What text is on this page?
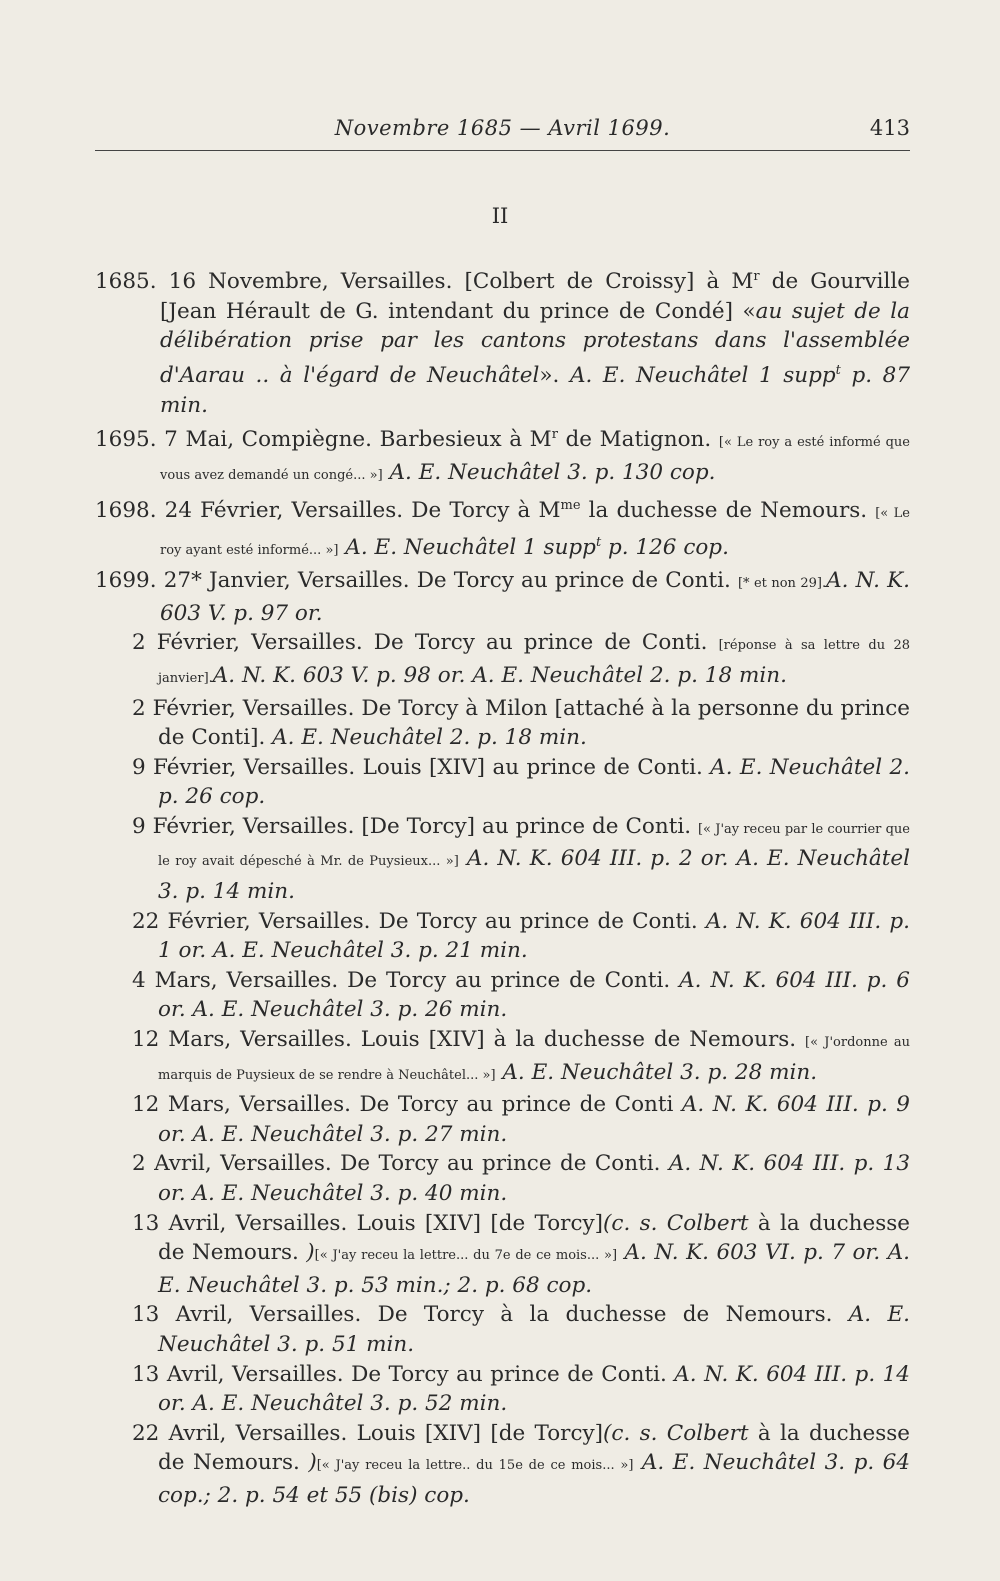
Novembre 1685 — Avril 1699.	413
II
1685. 16 Novembre, Versailles. [Colbert de Croissy] à $M^r$ de Gourville [Jean Hérault de G. intendant du prince de Condé] «au sujet de la délibération prise par les cantons protestans dans l'assemblée d'Aarau .. à l'égard de Neuchâtel». A. E. Neuchâtel 1 supp$^t$ p. 87 min.
1695. 7 Mai, Compiègne. Barbesieux à $M^r$ de Matignon. [« Le roy a esté informé que vous avez demandé un congé... »] A. E. Neuchâtel 3. p. 130 cop.
1698. 24 Février, Versailles. De Torcy à $M^{me}$ la duchesse de Nemours. [« Le roy ayant esté informé... »] A. E. Neuchâtel 1 supp$^t$ p. 126 cop.
1699. 27* Janvier, Versailles. De Torcy au prince de Conti. [* et non 29].A. N. K. 603 V. p. 97 or.
2 Février, Versailles. De Torcy au prince de Conti. [réponse à sa lettre du 28 janvier].A. N. K. 603 V. p. 98 or. A. E. Neuchâtel 2. p. 18 min.
2 Février, Versailles. De Torcy à Milon [attaché à la personne du prince de Conti]. A. E. Neuchâtel 2. p. 18 min.
9 Février, Versailles. Louis [XIV] au prince de Conti. A. E. Neuchâtel 2. p. 26 cop.
9 Février, Versailles. [De Torcy] au prince de Conti. [« J'ay receu par le courrier que le roy avait dépesché à Mr. de Puysieux... »] A. N. K. 604 III. p. 2 or. A. E. Neuchâtel 3. p. 14 min.
22 Février, Versailles. De Torcy au prince de Conti. A. N. K. 604 III. p. 1 or. A. E. Neuchâtel 3. p. 21 min.
4 Mars, Versailles. De Torcy au prince de Conti. A. N. K. 604 III. p. 6 or. A. E. Neuchâtel 3. p. 26 min.
12 Mars, Versailles. Louis [XIV] à la duchesse de Nemours. [« J'ordonne au marquis de Puysieux de se rendre à Neuchâtel... »] A. E. Neuchâtel 3. p. 28 min.
12 Mars, Versailles. De Torcy au prince de Conti A. N. K. 604 III. p. 9 or. A. E. Neuchâtel 3. p. 27 min.
2 Avril, Versailles. De Torcy au prince de Conti. A. N. K. 604 III. p. 13 or. A. E. Neuchâtel 3. p. 40 min.
13 Avril, Versailles. Louis [XIV] [de Torcy](c. s. Colbert à la duchesse de Nemours. )[« J'ay receu la lettre... du 7e de ce mois... »] A. N. K. 603 VI. p. 7 or. A. E. Neuchâtel 3. p. 53 min.; 2. p. 68 cop.
13 Avril, Versailles. De Torcy à la duchesse de Nemours. A. E. Neuchâtel 3. p. 51 min.
13 Avril, Versailles. De Torcy au prince de Conti. A. N. K. 604 III. p. 14 or. A. E. Neuchâtel 3. p. 52 min.
22 Avril, Versailles. Louis [XIV] [de Torcy](c. s. Colbert à la duchesse de Nemours. )[« J'ay receu la lettre.. du 15e de ce mois... »] A. E. Neuchâtel 3. p. 64 cop.; 2. p. 54 et 55 (bis) cop.
